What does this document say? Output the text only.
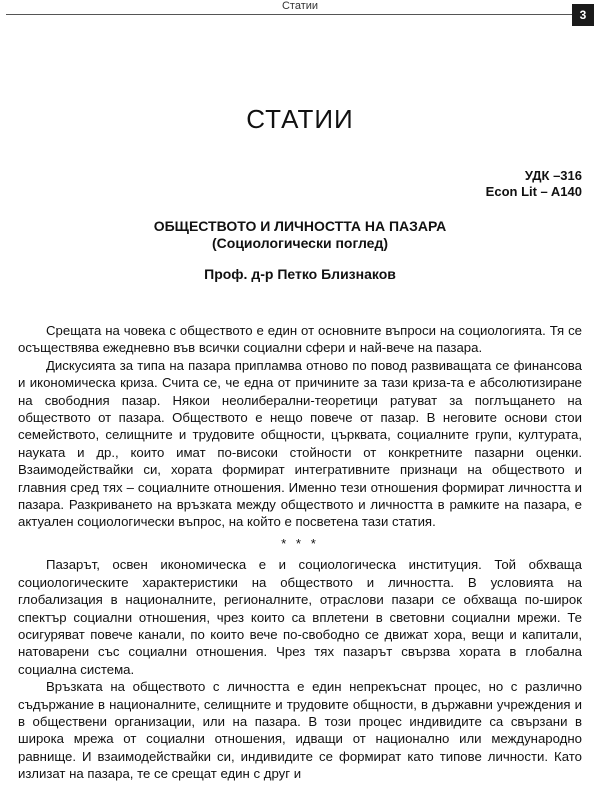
Статии
3
СТАТИИ
УДК –316
Econ Lit – A140
ОБЩЕСТВОТО И ЛИЧНОСТТА НА ПАЗАРА
(Социологически поглед)
Проф. д-р Петко Близнаков

Срещата на човека с обществото е един от основните въпроси на социологията. Тя се осъществява ежедневно във всички социални сфери и най-вече на пазара.

Дискусията за типа на пазара припламва отново по повод развиващата се финансова и икономическа криза. Счита се, че една от причините за тази криза-та е абсолютизиране на свободния пазар. Някои неолиберални-теоретици ратуват за поглъщането на обществото от пазара. Обществото е нещо повече от пазар. В неговите основи стои семейството, селищните и трудовите общности, църквата, социалните групи, културата, науката и др., които имат по-високи стойности от конкретните пазарни оценки. Взаимодействайки си, хората формират интегративните признаци на обществото и главния сред тях – социалните отношения. Именно тези отношения формират личността и пазара. Разкриването на връзката между обществото и личността в рамките на пазара, е актуален социологически въпрос, на който е посветена тази статия.

* * *

Пазарът, освен икономическа е и социологическа институция. Той обхваща социологическите характеристики на обществото и личността. В условията на глобализация в националните, регионалните, отраслови пазари се обхваща по-широк спектър социални отношения, чрез които са вплетени в световни социални мрежи. Те осигуряват повече канали, по които вече по-свободно се движат хора, вещи и капитали, натоварени със социални отношения. Чрез тях пазарът свързва хората в глобална социална система.

Връзката на обществото с личността е един непрекъснат процес, но с различно съдържание в националните, селищните и трудовите общности, в държавни учреждения и в обществени организации, или на пазара. В този процес индивидите са свързани в широка мрежа от социални отношения, идващи от национално или международно равнище. И взаимодействайки си, индивидите се формират като типове личности. Като излизат на пазара, те се срещат един с друг и
